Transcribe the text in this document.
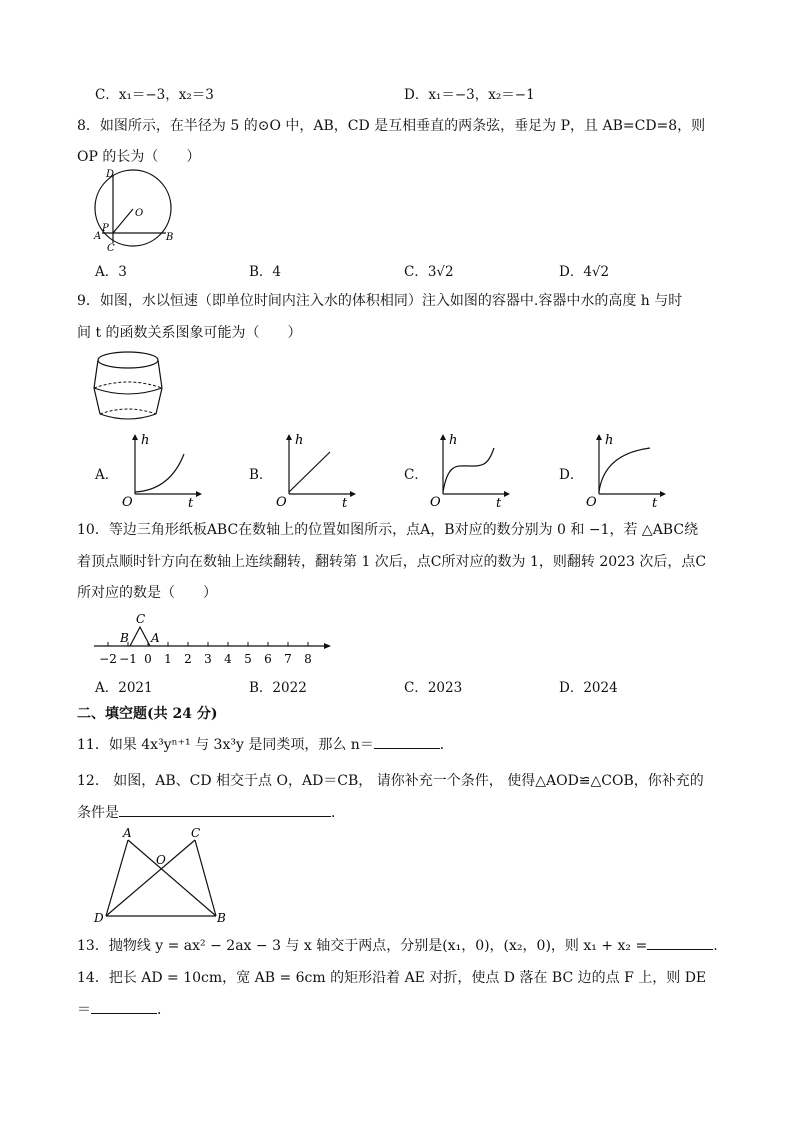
C．x₁＝−3，x₂＝3	D．x₁＝−3，x₂＝−1
8．如图所示，在半径为 5 的⊙O 中，AB，CD 是互相垂直的两条弦，垂足为 P，且 AB=CD=8，则
OP 的长为（　　）
D
O
P
A
C
B
A．3	B．4	C．3√2	D．4√2
9．如图，水以恒速（即单位时间内注入水的体积相同）注入如图的容器中.容器中水的高度 h 与时
间 t 的函数关系图象可能为（　　）
A．
h
t
O
B．
h
t
O
C．
h
t
O
D．
h
t
O
10．等边三角形纸板ABC在数轴上的位置如图所示，点A，B对应的数分别为 0 和 −1，若 △ABC绕
着顶点顺时针方向在数轴上连续翻转，翻转第 1 次后，点C所对应的数为 1，则翻转 2023 次后，点C
所对应的数是（　　）
−2 −1 0 1 2 3 4 5 6 7 8
C
B A
A．2021	B．2022	C．2023	D．2024
二、填空题(共 24 分)
11．如果 4x³yⁿ⁺¹ 与 3x³y 是同类项，那么 n＝	．
12． 如图，AB、CD 相交于点 O，AD＝CB， 请你补充一个条件， 使得△AOD≌△COB，你补充的
条件是	．
A	C
O
D	B
13．抛物线 y = ax² − 2ax − 3 与 x 轴交于两点，分别是(x₁，0)，(x₂，0)，则 x₁ + x₂ =	.
14．把长 AD = 10cm，宽 AB = 6cm 的矩形沿着 AE 对折，使点 D 落在 BC 边的点 F 上，则 DE
＝	．
